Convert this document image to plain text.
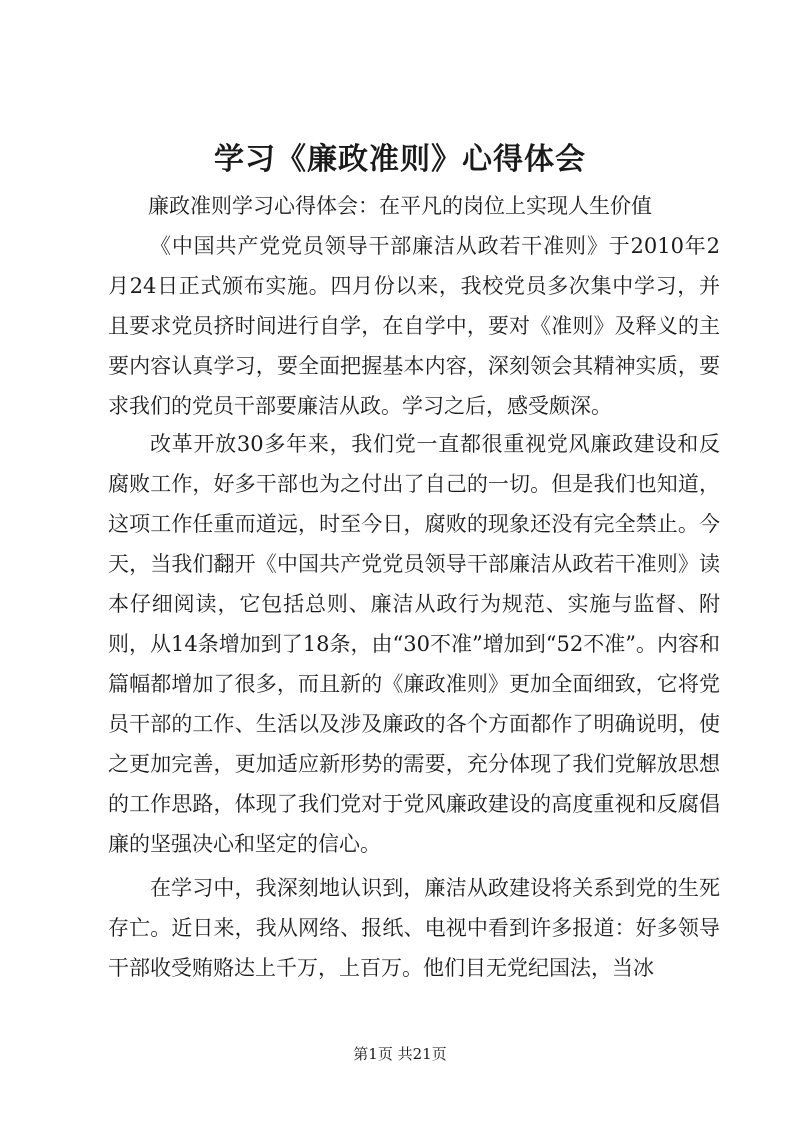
学习《廉政准则》心得体会
廉政准则学习心得体会：在平凡的岗位上实现人生价值

《中国共产党党员领导干部廉洁从政若干准则》于2010年2月24日正式颁布实施。四月份以来，我校党员多次集中学习，并且要求党员挤时间进行自学，在自学中，要对《准则》及释义的主要内容认真学习，要全面把握基本内容，深刻领会其精神实质，要求我们的党员干部要廉洁从政。学习之后，感受颇深。

改革开放30多年来，我们党一直都很重视党风廉政建设和反腐败工作，好多干部也为之付出了自己的一切。但是我们也知道，这项工作任重而道远，时至今日，腐败的现象还没有完全禁止。今天，当我们翻开《中国共产党党员领导干部廉洁从政若干准则》读本仔细阅读，它包括总则、廉洁从政行为规范、实施与监督、附则，从14条增加到了18条，由“30不准”增加到“52不准”。内容和篇幅都增加了很多，而且新的《廉政准则》更加全面细致，它将党员干部的工作、生活以及涉及廉政的各个方面都作了明确说明，使之更加完善，更加适应新形势的需要，充分体现了我们党解放思想的工作思路，体现了我们党对于党风廉政建设的高度重视和反腐倡廉的坚强决心和坚定的信心。

在学习中，我深刻地认识到，廉洁从政建设将关系到党的生死存亡。近日来，我从网络、报纸、电视中看到许多报道：好多领导干部收受贿赂达上千万，上百万。他们目无党纪国法，当冰

第1页 共21页
